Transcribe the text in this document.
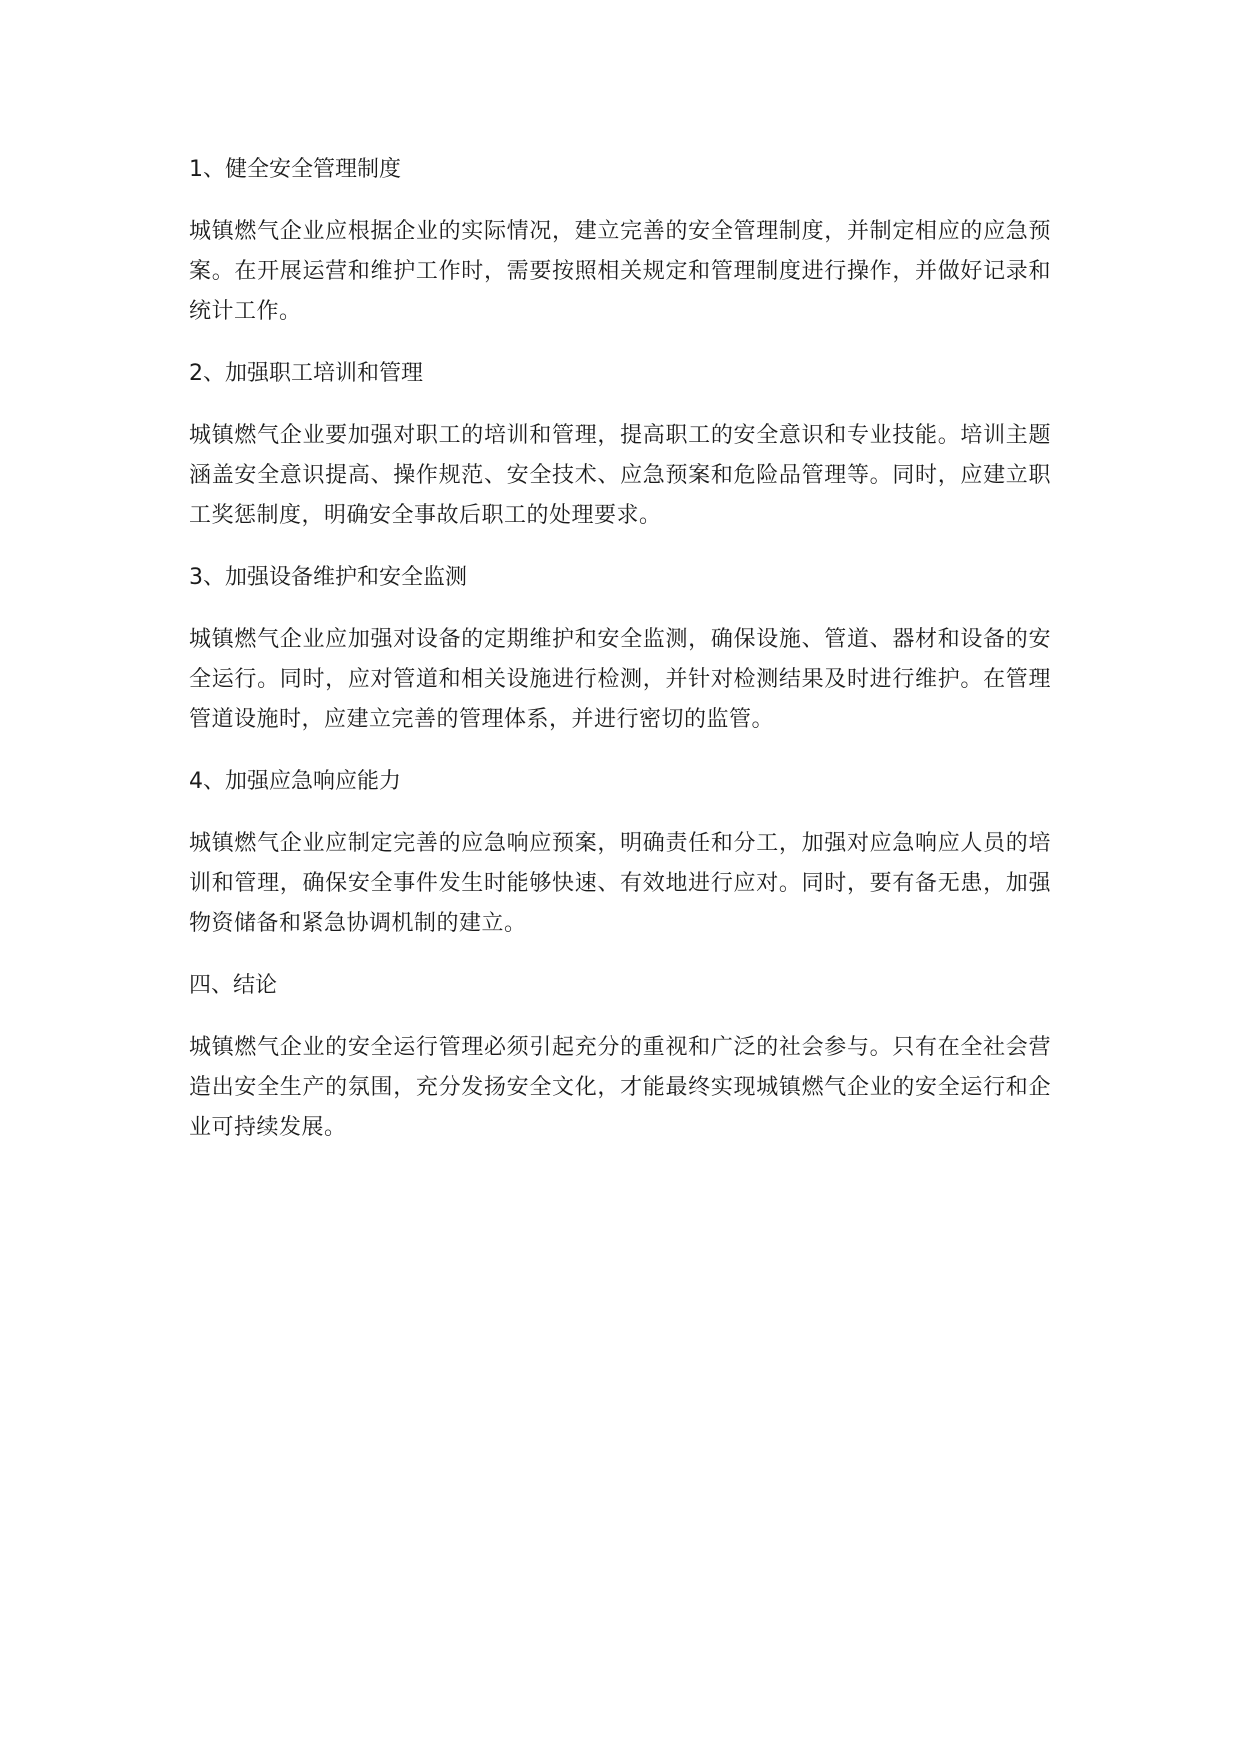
1、健全安全管理制度

城镇燃气企业应根据企业的实际情况，建立完善的安全管理制度，并制定相应的应急预案。在开展运营和维护工作时，需要按照相关规定和管理制度进行操作，并做好记录和统计工作。

2、加强职工培训和管理

城镇燃气企业要加强对职工的培训和管理，提高职工的安全意识和专业技能。培训主题涵盖安全意识提高、操作规范、安全技术、应急预案和危险品管理等。同时，应建立职工奖惩制度，明确安全事故后职工的处理要求。

3、加强设备维护和安全监测

城镇燃气企业应加强对设备的定期维护和安全监测，确保设施、管道、器材和设备的安全运行。同时，应对管道和相关设施进行检测，并针对检测结果及时进行维护。在管理管道设施时，应建立完善的管理体系，并进行密切的监管。

4、加强应急响应能力

城镇燃气企业应制定完善的应急响应预案，明确责任和分工，加强对应急响应人员的培训和管理，确保安全事件发生时能够快速、有效地进行应对。同时，要有备无患，加强物资储备和紧急协调机制的建立。

四、结论

城镇燃气企业的安全运行管理必须引起充分的重视和广泛的社会参与。只有在全社会营造出安全生产的氛围，充分发扬安全文化，才能最终实现城镇燃气企业的安全运行和企业可持续发展。
